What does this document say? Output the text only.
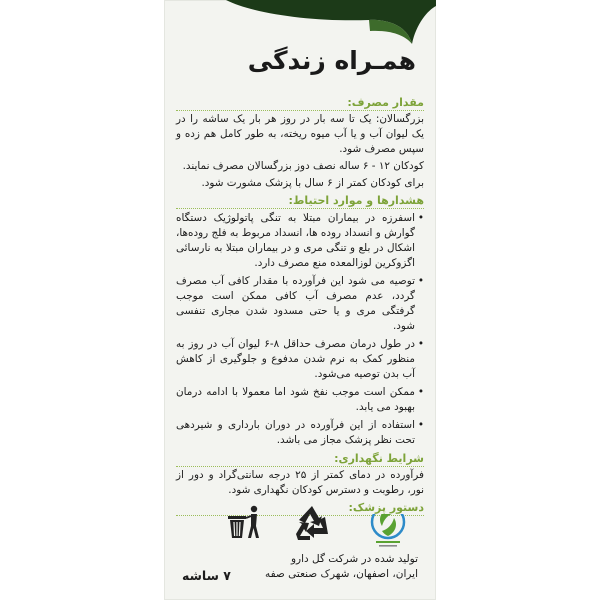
همـراه زندگی
مقدار مصرف:

بزرگسالان: یک تا سه بار در روز هر بار یک ساشه را در یک لیوان آب و یا آب میوه ریخته، به طور کامل هم زده و سپس مصرف شود.

کودکان ۱۲ - ۶ ساله نصف دوز بزرگسالان مصرف نمایند.

برای کودکان کمتر از ۶ سال با پزشک مشورت شود.

هشدارها و موارد احتیاط:
• اسفرزه در بیماران مبتلا به تنگی پاتولوژیک دستگاه گوارش و انسداد روده ها، انسداد مربوط به فلج روده‌ها، اشکال در بلع و تنگی مری و در بیماران مبتلا به نارسائی اگزوکرین لوزالمعده منع مصرف دارد.
• توصیه می شود این فرآورده با مقدار کافی آب مصرف گردد، عدم مصرف آب کافی ممکن است موجب گرفتگی مری و یا حتی مسدود شدن مجاری تنفسی شود.
• در طول درمان مصرف حداقل ۸-۶ لیوان آب در روز به منظور کمک به نرم شدن مدفوع و جلوگیری از کاهش آب بدن توصیه می‌شود.
• ممکن است موجب نفخ شود اما معمولا با ادامه درمان بهبود می یابد.
• استفاده از این فرآورده در دوران بارداری و شیردهی تحت نظر پزشک مجاز می باشد.
شرایط نگهداری:

فرآورده در دمای کمتر از ۲۵ درجه سانتی‌گراد و دور از نور، رطوبت و دسترس کودکان نگهداری شود.

دستور پزشک:
تولید شده در شرکت گل دارو
ایران، اصفهان، شهرک صنعتی صفه
۷ ساشه
